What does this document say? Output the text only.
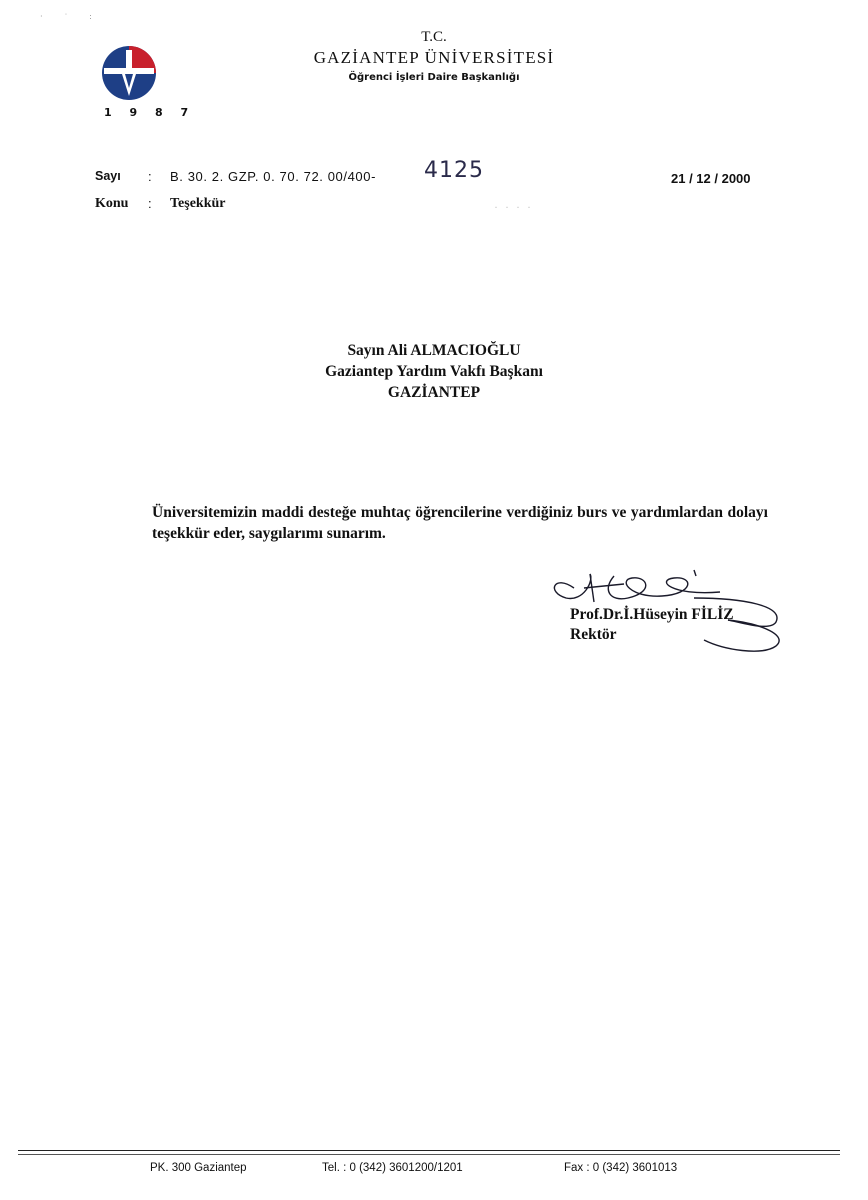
· ˙ :
1 9 8 7
T.C.
GAZİANTEP ÜNİVERSİTESİ
Öğrenci İşleri Daire Başkanlığı
Sayı : B. 30. 2. GZP. 0. 70. 72. 00/400- 4125
· · · ·
21 / 12 / 2000
Konu : Teşekkür
Sayın Ali ALMACIOĞLU
Gaziantep Yardım Vakfı Başkanı
GAZİANTEP
Üniversitemizin maddi desteğe muhtaç öğrencilerine verdiğiniz burs ve yardımlardan dolayı teşekkür eder, saygılarımı sunarım.
Prof.Dr.İ.Hüseyin FİLİZ
Rektör
PK. 300 Gaziantep	Tel. : 0 (342) 3601200/1201	Fax : 0 (342) 3601013
